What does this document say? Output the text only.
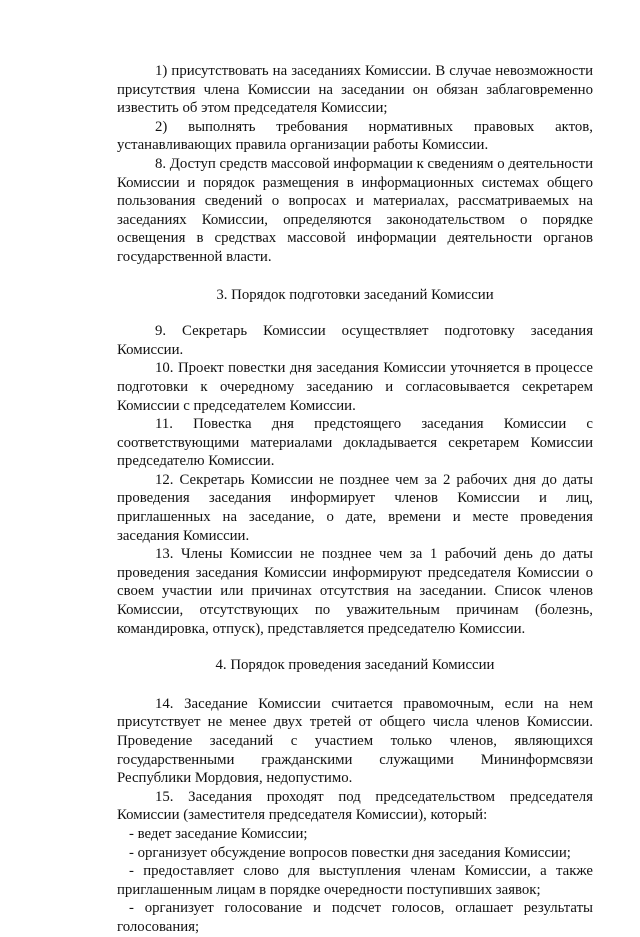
1) присутствовать на заседаниях Комиссии. В случае невозможности присутствия члена Комиссии на заседании он обязан заблаговременно известить об этом председателя Комиссии;

2) выполнять требования нормативных правовых актов, устанавливающих правила организации работы Комиссии.

8. Доступ средств массовой информации к сведениям о деятельности Комиссии и порядок размещения в информационных системах общего пользования сведений о вопросах и материалах, рассматриваемых на заседаниях Комиссии, определяются законодательством о порядке освещения в средствах массовой информации деятельности органов государственной власти.

3. Порядок подготовки заседаний Комиссии

9. Секретарь Комиссии осуществляет подготовку заседания Комиссии.

10. Проект повестки дня заседания Комиссии уточняется в процессе подготовки к очередному заседанию и согласовывается секретарем Комиссии с председателем Комиссии.

11. Повестка дня предстоящего заседания Комиссии с соответствующими материалами докладывается секретарем Комиссии председателю Комиссии.

12. Секретарь Комиссии не позднее чем за 2 рабочих дня до даты проведения заседания информирует членов Комиссии и лиц, приглашенных на заседание, о дате, времени и месте проведения заседания Комиссии.

13. Члены Комиссии не позднее чем за 1 рабочий день до даты проведения заседания Комиссии информируют председателя Комиссии о своем участии или причинах отсутствия на заседании. Список членов Комиссии, отсутствующих по уважительным причинам (болезнь, командировка, отпуск), представляется председателю Комиссии.

4. Порядок проведения заседаний Комиссии

14. Заседание Комиссии считается правомочным, если на нем присутствует не менее двух третей от общего числа членов Комиссии. Проведение заседаний с участием только членов, являющихся государственными гражданскими служащими Мининформсвязи Республики Мордовия, недопустимо.

15. Заседания проходят под председательством председателя Комиссии (заместителя председателя Комиссии), который:

- ведет заседание Комиссии;

- организует обсуждение вопросов повестки дня заседания Комиссии;

- предоставляет слово для выступления членам Комиссии, а также приглашенным лицам в порядке очередности поступивших заявок;

- организует голосование и подсчет голосов, оглашает результаты голосования;
